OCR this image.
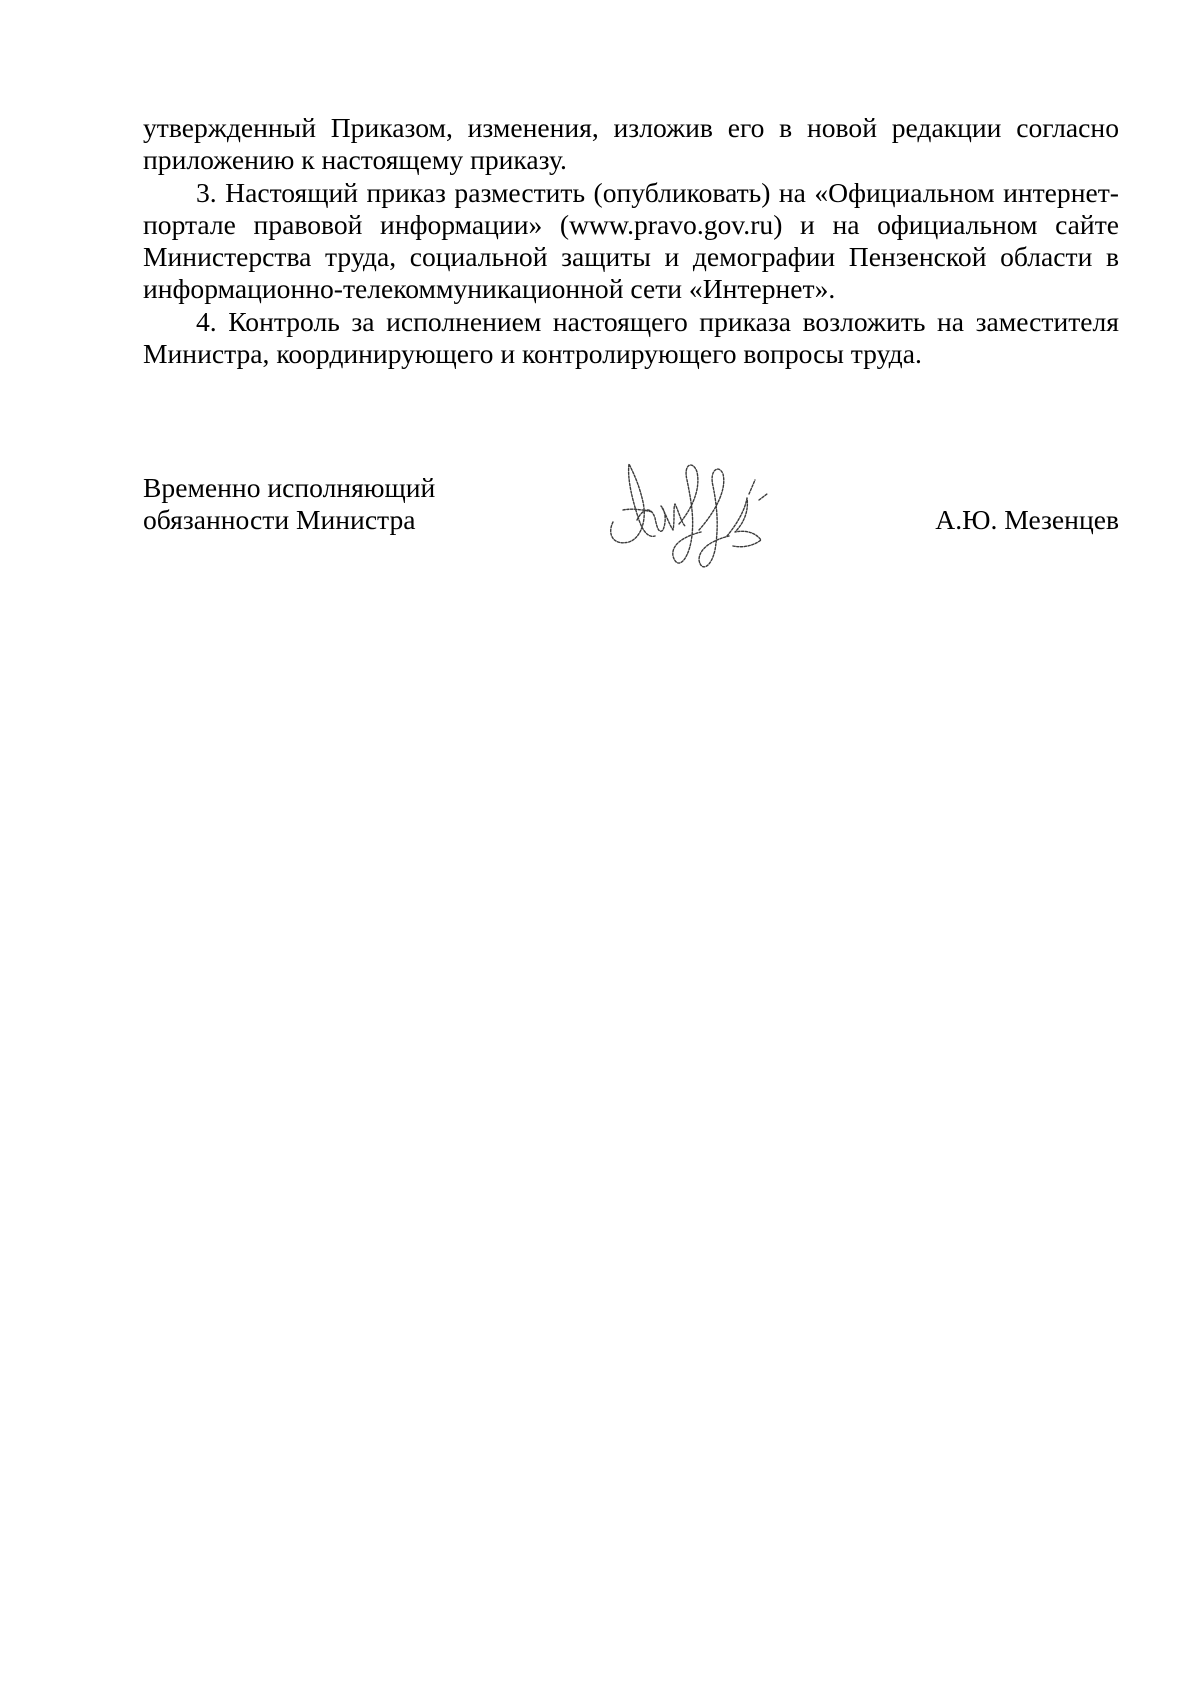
утвержденный Приказом, изменения, изложив его в новой редакции согласно приложению к настоящему приказу.

3. Настоящий приказ разместить (опубликовать) на «Официальном интернет-портале правовой информации» (www.pravo.gov.ru) и на официальном сайте Министерства труда, социальной защиты и демографии Пензенской области в информационно-телекоммуникационной сети «Интернет».

4. Контроль за исполнением настоящего приказа возложить на заместителя Министра, координирующего и контролирующего вопросы труда.

Временно исполняющий
обязанности Министра	А.Ю. Мезенцев
